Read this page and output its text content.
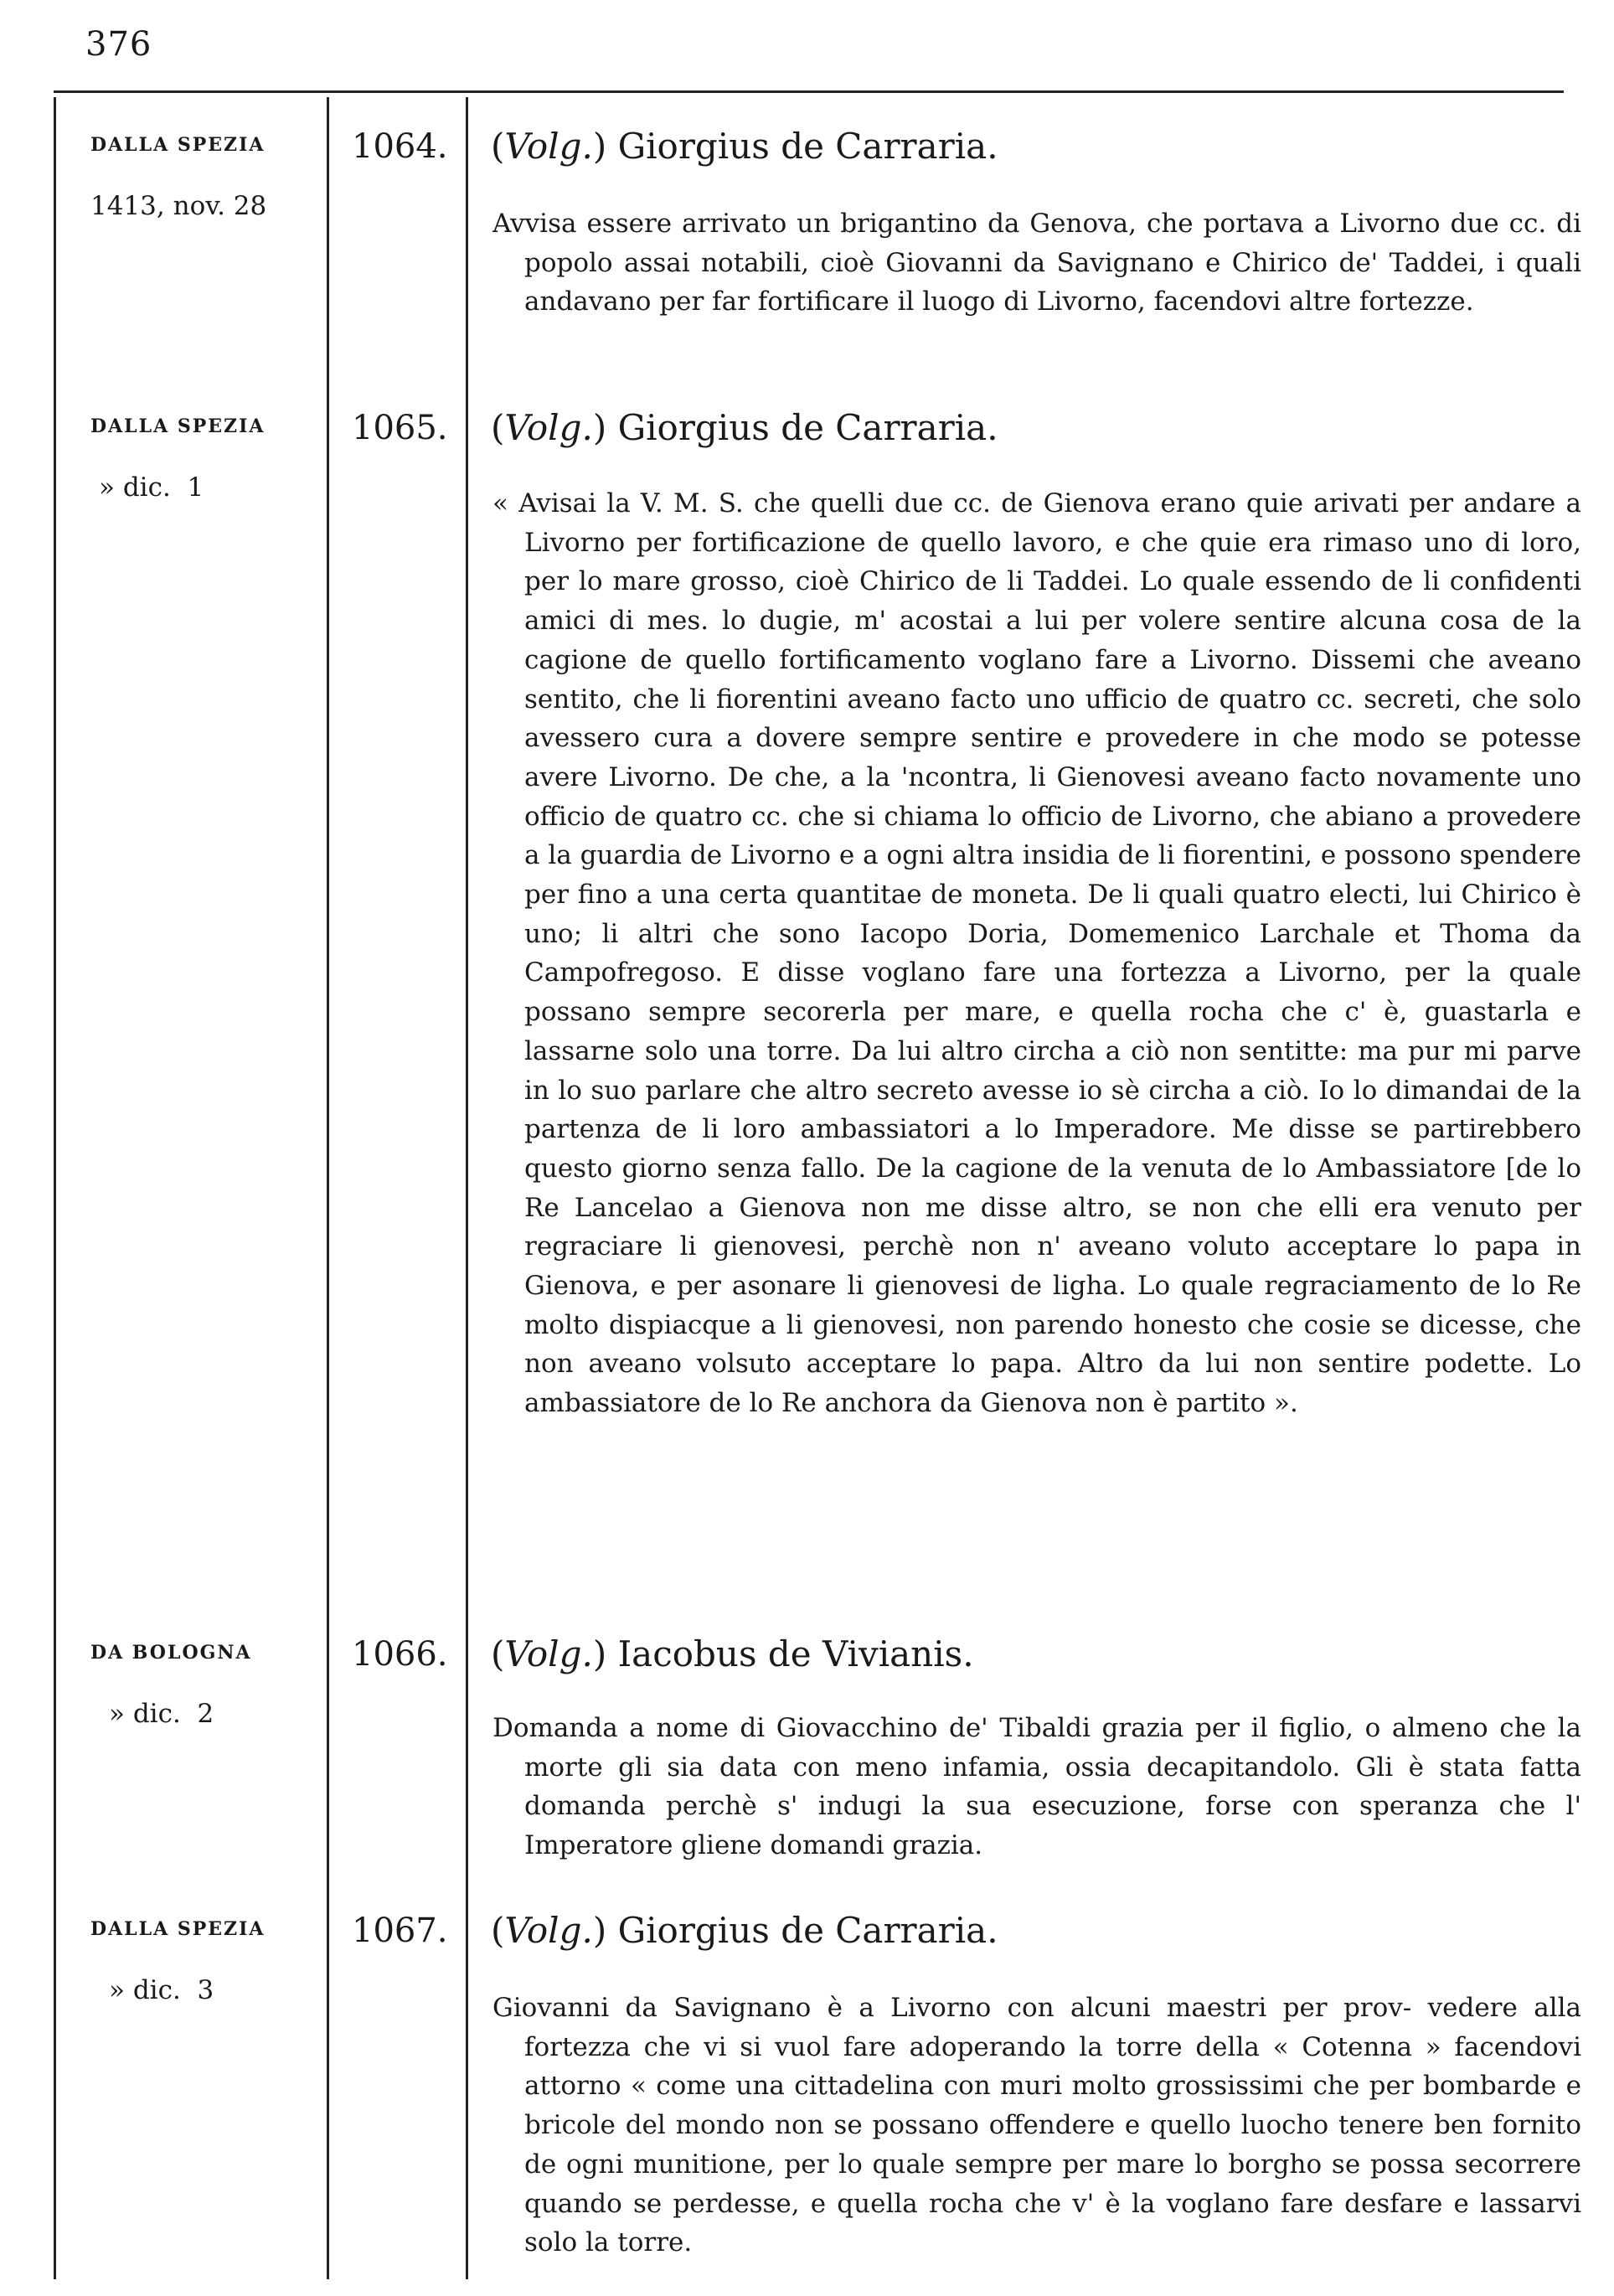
376
DALLA SPEZIA
1413, nov. 28
1064. (Volg.) Giorgius de Carraria.
Avvisa essere arrivato un brigantino da Genova, che portava a Livorno due cc. di popolo assai notabili, cioè Giovanni da Savignano e Chirico de' Taddei, i quali andavano per far fortificare il luogo di Livorno, facendovi altre fortezze.
DALLA SPEZIA
» dic.  1
1065. (Volg.) Giorgius de Carraria.
« Avisai la V. M. S. che quelli due cc. de Gienova erano quie arivati per andare a Livorno per fortificazione de quello lavoro, e che quie era rimaso uno di loro, per lo mare grosso, cioè Chirico de li Taddei. Lo quale essendo de li confidenti amici di mes. lo dugie, m' acostai a lui per volere sentire alcuna cosa de la cagione de quello fortificamento voglano fare a Livorno. Dissemi che aveano sentito, che li fiorentini aveano facto uno ufficio de quatro cc. secreti, che solo avessero cura a dovere sempre sentire e provedere in che modo se potesse avere Livorno. De che, a la 'ncontra, li Gienovesi aveano facto novamente uno officio de quatro cc. che si chiama lo officio de Livorno, che abiano a provedere a la guardia de Livorno e a ogni altra insidia de li fiorentini, e possono spendere per fino a una certa quantitae de moneta. De li quali quatro electi, lui Chirico è uno; li altri che sono Iacopo Doria, Domemenico Larchale et Thoma da Campofregoso. E disse voglano fare una fortezza a Livorno, per la quale possano sempre secorerla per mare, e quella rocha che c' è, guastarla e lassarne solo una torre. Da lui altro circha a ciò non sentitte: ma pur mi parve in lo suo parlare che altro secreto avesse io sè circha a ciò. Io lo dimandai de la partenza de li loro ambassiatori a lo Imperadore. Me disse se partirebbero questo giorno senza fallo. De la cagione de la venuta de lo Ambassiatore [de lo Re Lancelao a Gienova non me disse altro, se non che elli era venuto per regraciare li gienovesi, perchè non n' aveano voluto acceptare lo papa in Gienova, e per asonare li gienovesi de ligha. Lo quale regraciamento de lo Re molto dispiacque a li gienovesi, non parendo honesto che cosie se dicesse, che non aveano volsuto acceptare lo papa. Altro da lui non sentire podette. Lo ambassiatore de lo Re anchora da Gienova non è partito ».
DA BOLOGNA
» dic.  2
1066. (Volg.) Iacobus de Vivianis.
Domanda a nome di Giovacchino de' Tibaldi grazia per il figlio, o almeno che la morte gli sia data con meno infamia, ossia decapitandolo. Gli è stata fatta domanda perchè s' indugi la sua esecuzione, forse con speranza che l' Imperatore gliene domandi grazia.
DALLA SPEZIA
» dic.  3
1067. (Volg.) Giorgius de Carraria.
Giovanni da Savignano è a Livorno con alcuni maestri per prov- vedere alla fortezza che vi si vuol fare adoperando la torre della « Cotenna » facendovi attorno « come una cittadelina con muri molto grossissimi che per bombarde e bricole del mondo non se possano offendere e quello luocho tenere ben fornito de ogni munitione, per lo quale sempre per mare lo borgho se possa secorrere quando se perdesse, e quella rocha che v' è la voglano fare desfare e lassarvi solo la torre.
